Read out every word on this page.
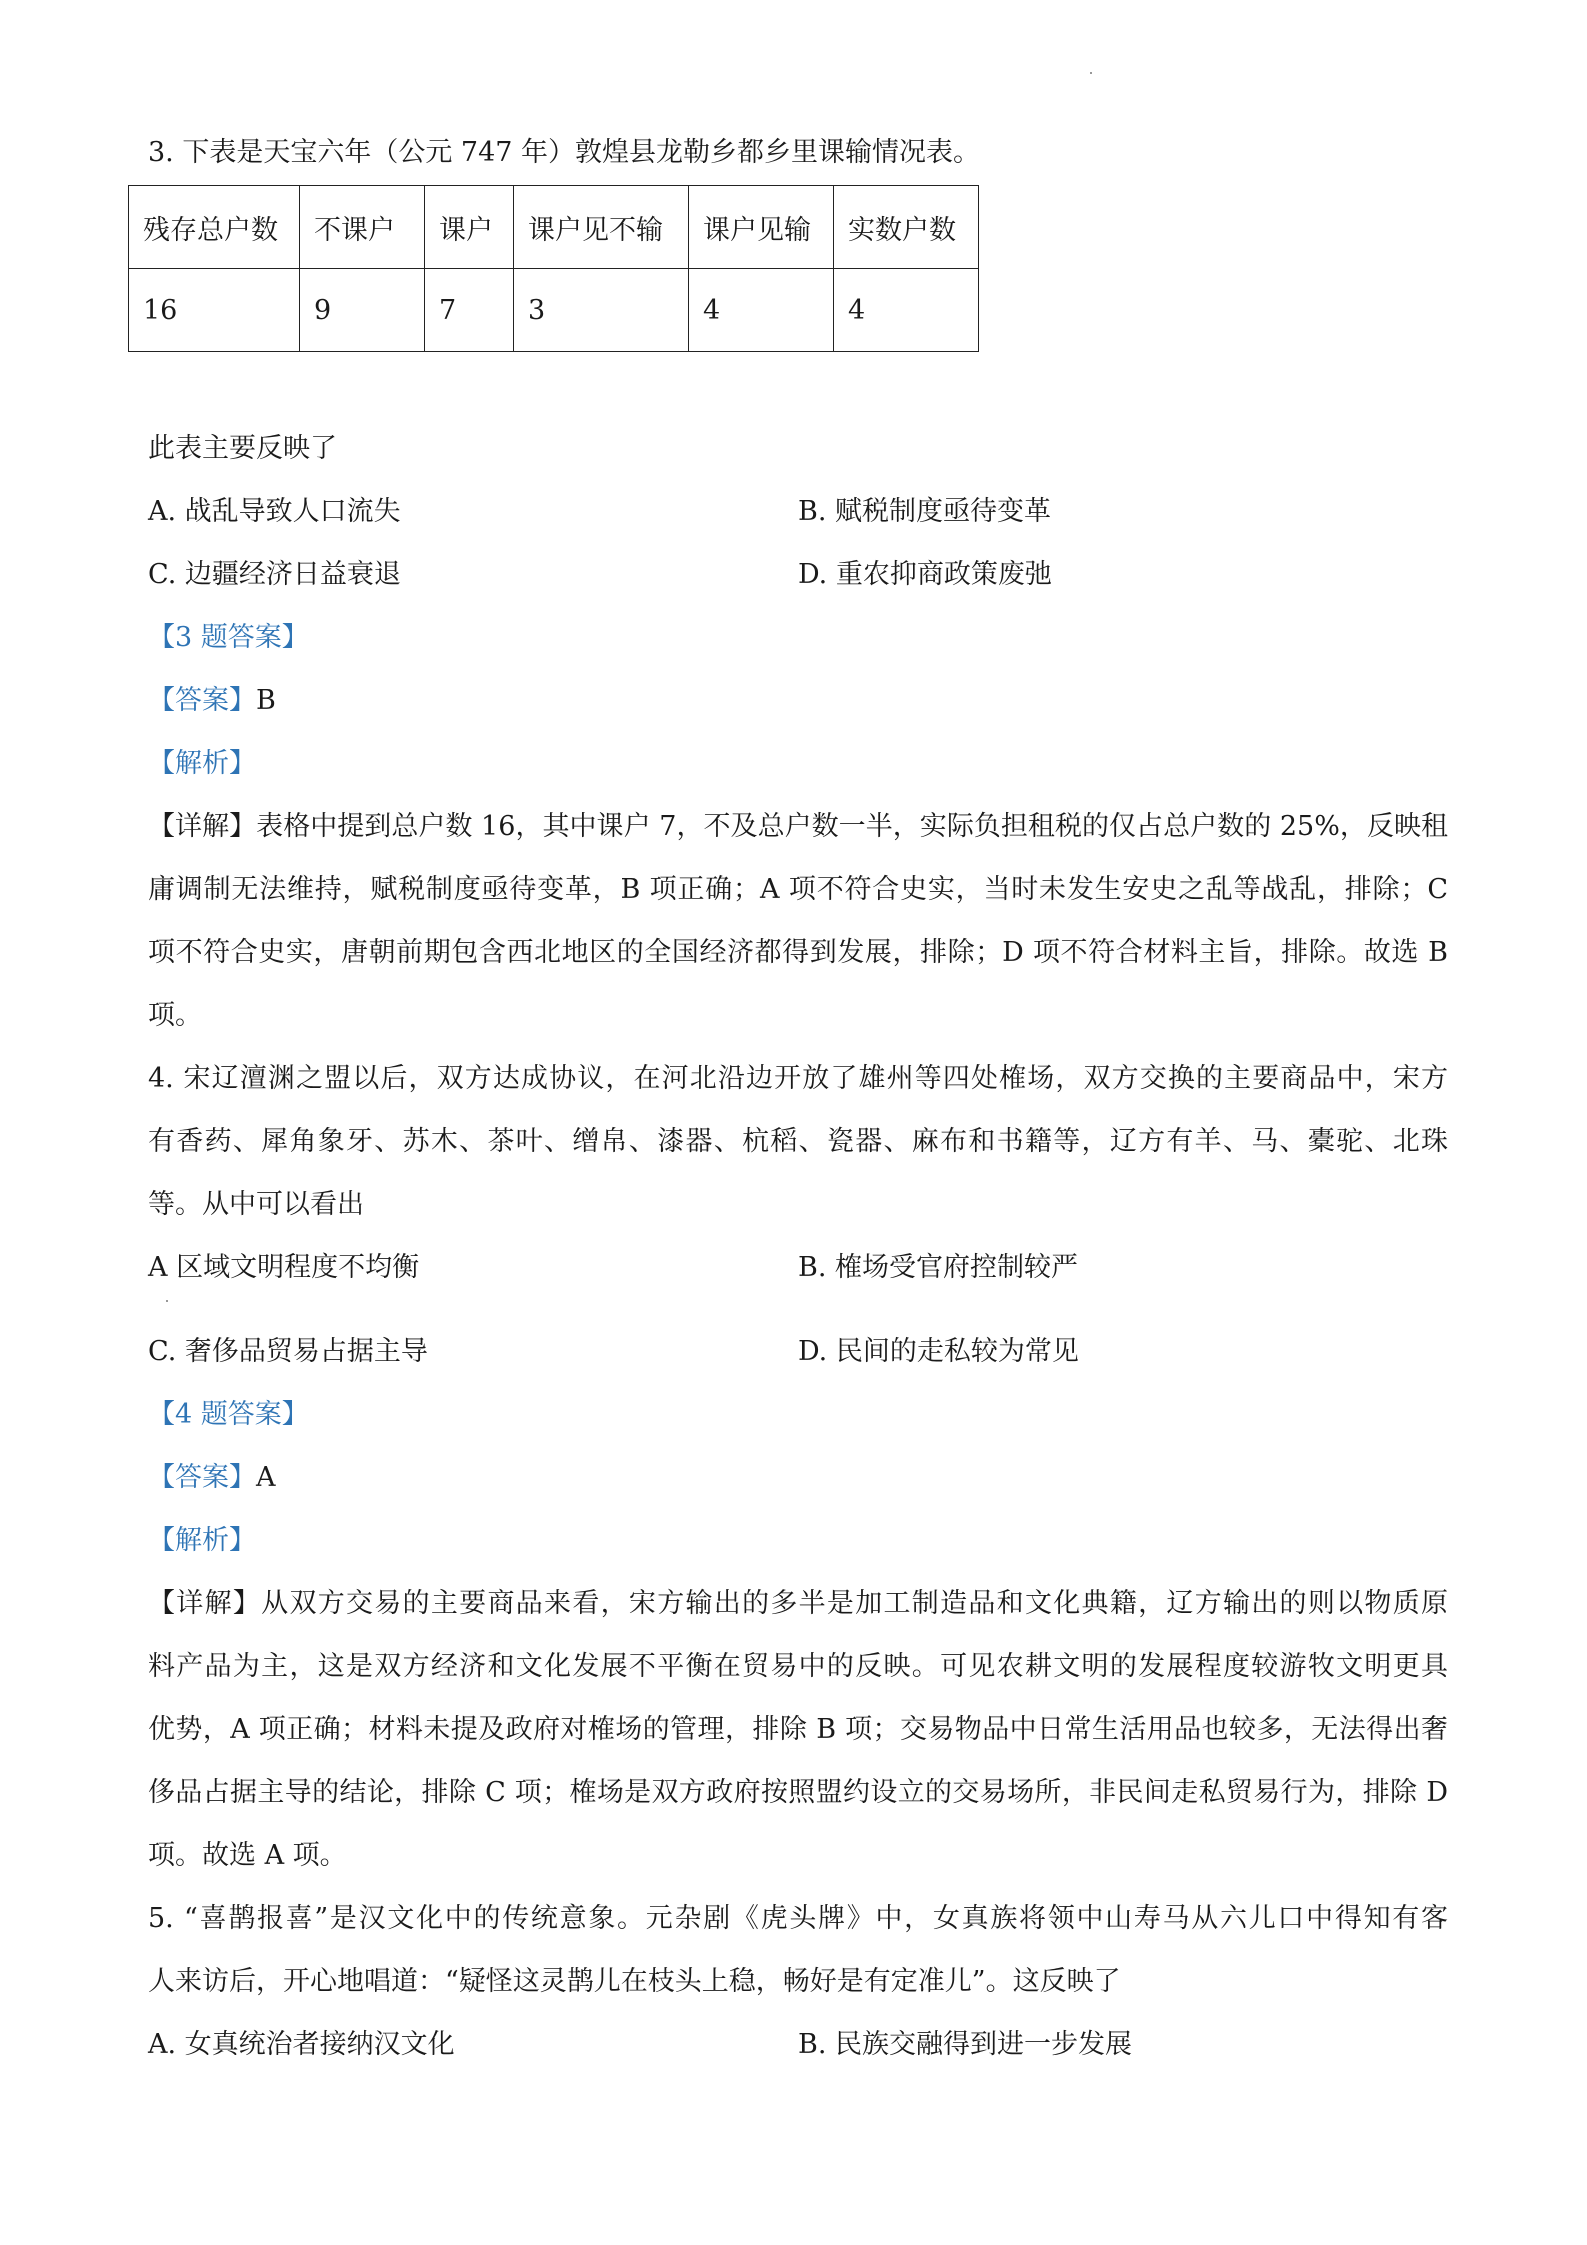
3. 下表是天宝六年（公元 747 年）敦煌县龙勒乡都乡里课输情况表。
残存总户数	不课户	课户	课户见不输	课户见输	实数户数
16	9	7	3	4	4
此表主要反映了
A. 战乱导致人口流失	B. 赋税制度亟待变革
C. 边疆经济日益衰退	D. 重农抑商政策废弛
【3 题答案】
【答案】B
【解析】
【详解】表格中提到总户数 16，其中课户 7，不及总户数一半，实际负担租税的仅占总户数的 25%，反映租
庸调制无法维持，赋税制度亟待变革，B 项正确；A 项不符合史实，当时未发生安史之乱等战乱，排除；C
项不符合史实，唐朝前期包含西北地区的全国经济都得到发展，排除；D 项不符合材料主旨，排除。故选 B
项。
4. 宋辽澶渊之盟以后，双方达成协议，在河北沿边开放了雄州等四处榷场，双方交换的主要商品中，宋方
有香药、犀角象牙、苏木、茶叶、缯帛、漆器、杭稻、瓷器、麻布和书籍等，辽方有羊、马、橐驼、北珠
等。从中可以看出
A 区域文明程度不均衡	B. 榷场受官府控制较严
C. 奢侈品贸易占据主导	D. 民间的走私较为常见
【4 题答案】
【答案】A
【解析】
【详解】从双方交易的主要商品来看，宋方输出的多半是加工制造品和文化典籍，辽方输出的则以物质原
料产品为主，这是双方经济和文化发展不平衡在贸易中的反映。可见农耕文明的发展程度较游牧文明更具
优势，A 项正确；材料未提及政府对榷场的管理，排除 B 项；交易物品中日常生活用品也较多，无法得出奢
侈品占据主导的结论，排除 C 项；榷场是双方政府按照盟约设立的交易场所，非民间走私贸易行为，排除 D
项。故选 A 项。
5. “喜鹊报喜”是汉文化中的传统意象。元杂剧《虎头牌》中，女真族将领中山寿马从六儿口中得知有客
人来访后，开心地唱道：“疑怪这灵鹊儿在枝头上稳，畅好是有定准儿”。这反映了
A. 女真统治者接纳汉文化	B. 民族交融得到进一步发展
